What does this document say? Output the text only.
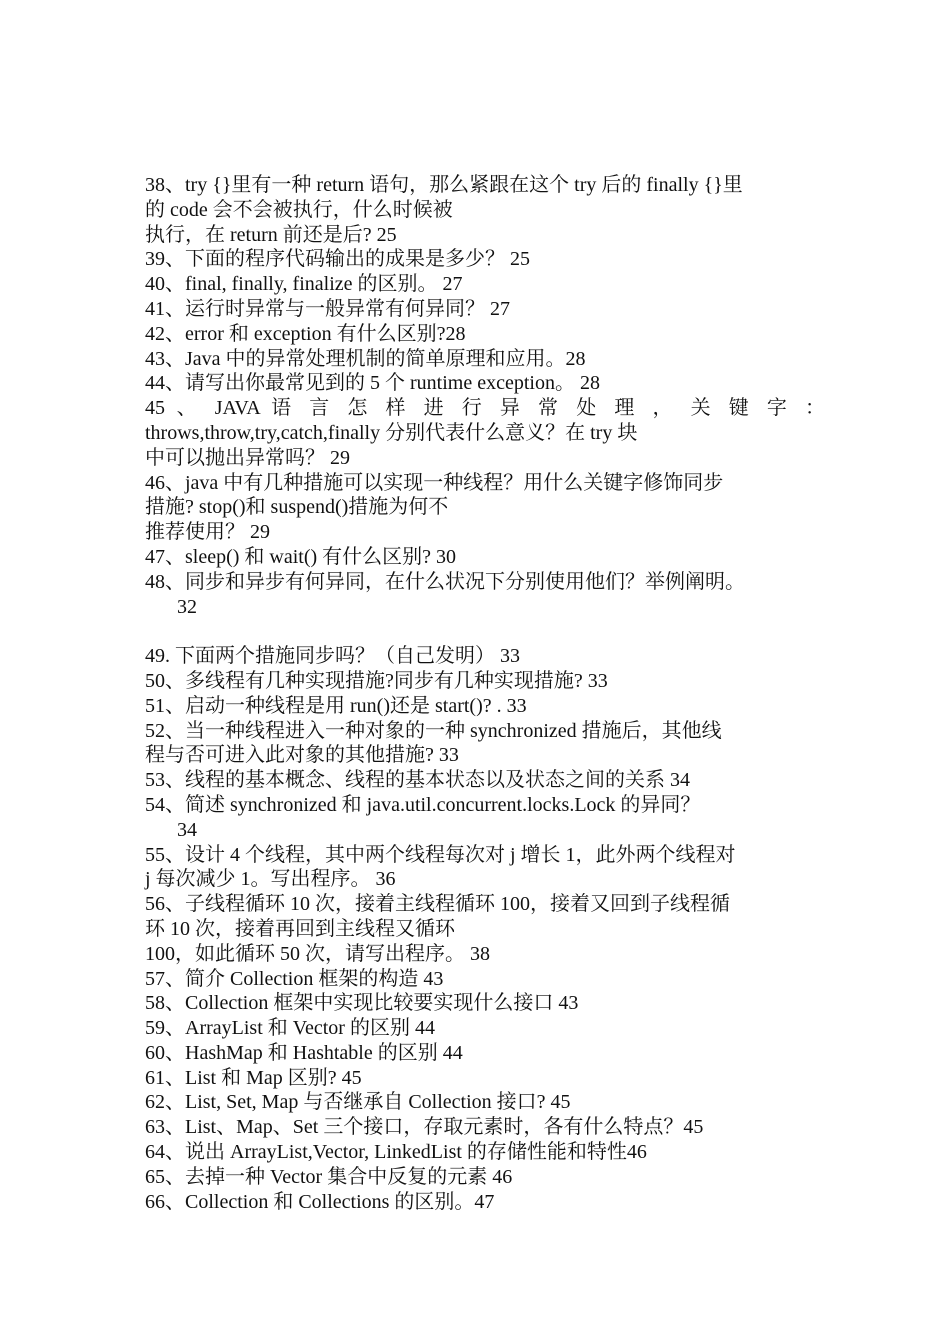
38、try {}里有一种 return 语句，那么紧跟在这个 try 后的 finally {}里
的 code 会不会被执行，什么时候被
执行，在 return 前还是后? 25
39、下面的程序代码输出的成果是多少？ 25
40、final, finally, finalize 的区别。 27
41、运行时异常与一般异常有何异同？ 27
42、error 和 exception 有什么区别?28
43、Java 中的异常处理机制的简单原理和应用。28
44、请写出你最常见到的 5 个 runtime exception。 28
45 、 JAVA 语 言 怎 样 进 行 异 常 处 理 ， 关 键 字 ：
throws,throw,try,catch,finally 分别代表什么意义？在 try 块
中可以抛出异常吗？ 29
46、java 中有几种措施可以实现一种线程？用什么关键字修饰同步
措施? stop()和 suspend()措施为何不
推荐使用？ 29
47、sleep() 和 wait() 有什么区别? 30
48、同步和异步有何异同，在什么状况下分别使用他们？举例阐明。
32
49. 下面两个措施同步吗？（自己发明） 33
50、多线程有几种实现措施?同步有几种实现措施? 33
51、启动一种线程是用 run()还是 start()? . 33
52、当一种线程进入一种对象的一种 synchronized 措施后，其他线
程与否可进入此对象的其他措施? 33
53、线程的基本概念、线程的基本状态以及状态之间的关系 34
54、简述 synchronized 和 java.util.concurrent.locks.Lock 的异同？
34
55、设计 4 个线程，其中两个线程每次对 j 增长 1，此外两个线程对
j 每次减少 1。写出程序。 36
56、子线程循环 10 次，接着主线程循环 100，接着又回到子线程循
环 10 次，接着再回到主线程又循环
100，如此循环 50 次，请写出程序。 38
57、简介 Collection 框架的构造 43
58、Collection 框架中实现比较要实现什么接口 43
59、ArrayList 和 Vector 的区别 44
60、HashMap 和 Hashtable 的区别 44
61、List 和 Map 区别? 45
62、List, Set, Map 与否继承自 Collection 接口? 45
63、List、Map、Set 三个接口，存取元素时，各有什么特点？45
64、说出 ArrayList,Vector, LinkedList 的存储性能和特性46
65、去掉一种 Vector 集合中反复的元素 46
66、Collection 和 Collections 的区别。47
